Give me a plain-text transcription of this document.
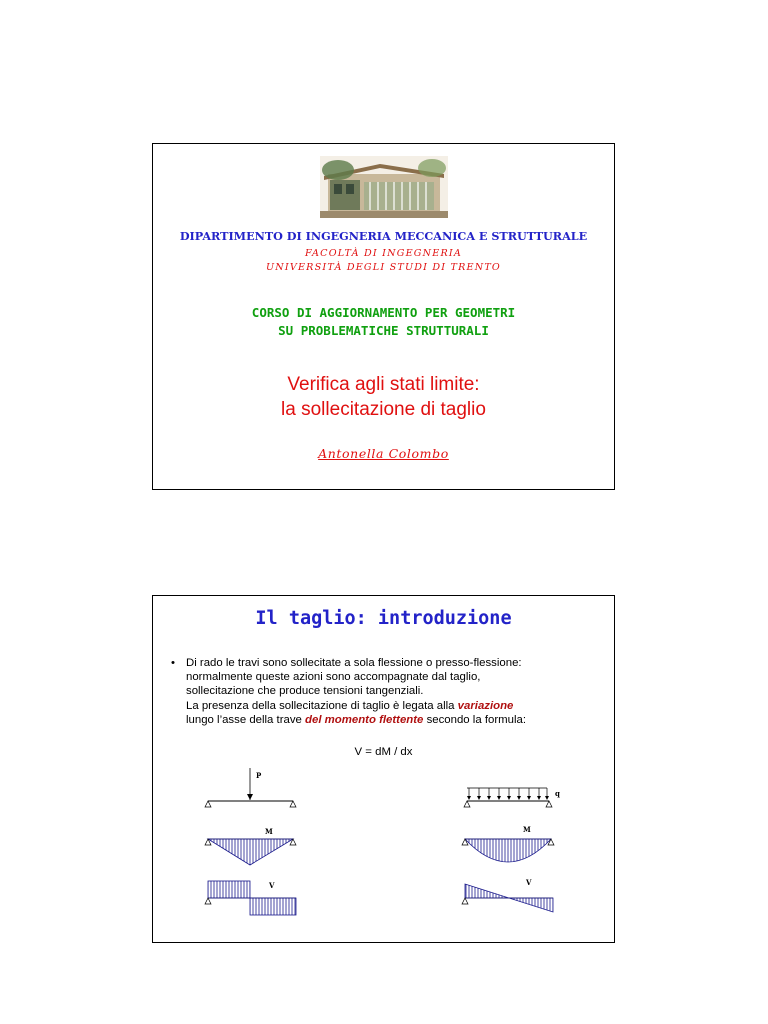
DIPARTIMENTO DI INGEGNERIA MECCANICA E STRUTTURALE
FACOLTÀ DI INGEGNERIA
UNIVERSITÀ DEGLI STUDI DI TRENTO
CORSO DI AGGIORNAMENTO PER GEOMETRI
SU PROBLEMATICHE STRUTTURALI
Verifica agli stati limite:
la sollecitazione di taglio
Antonella Colombo
Il taglio: introduzione
• Di rado le travi sono sollecitate a sola flessione o presso-flessione:
normalmente queste azioni sono accompagnate dal taglio,
sollecitazione che produce tensioni tangenziali.
La presenza della sollecitazione di taglio è legata alla variazione
lungo l’asse della trave del momento flettente secondo la formula:
V = dM / dx
P
M
V
q
M
V
